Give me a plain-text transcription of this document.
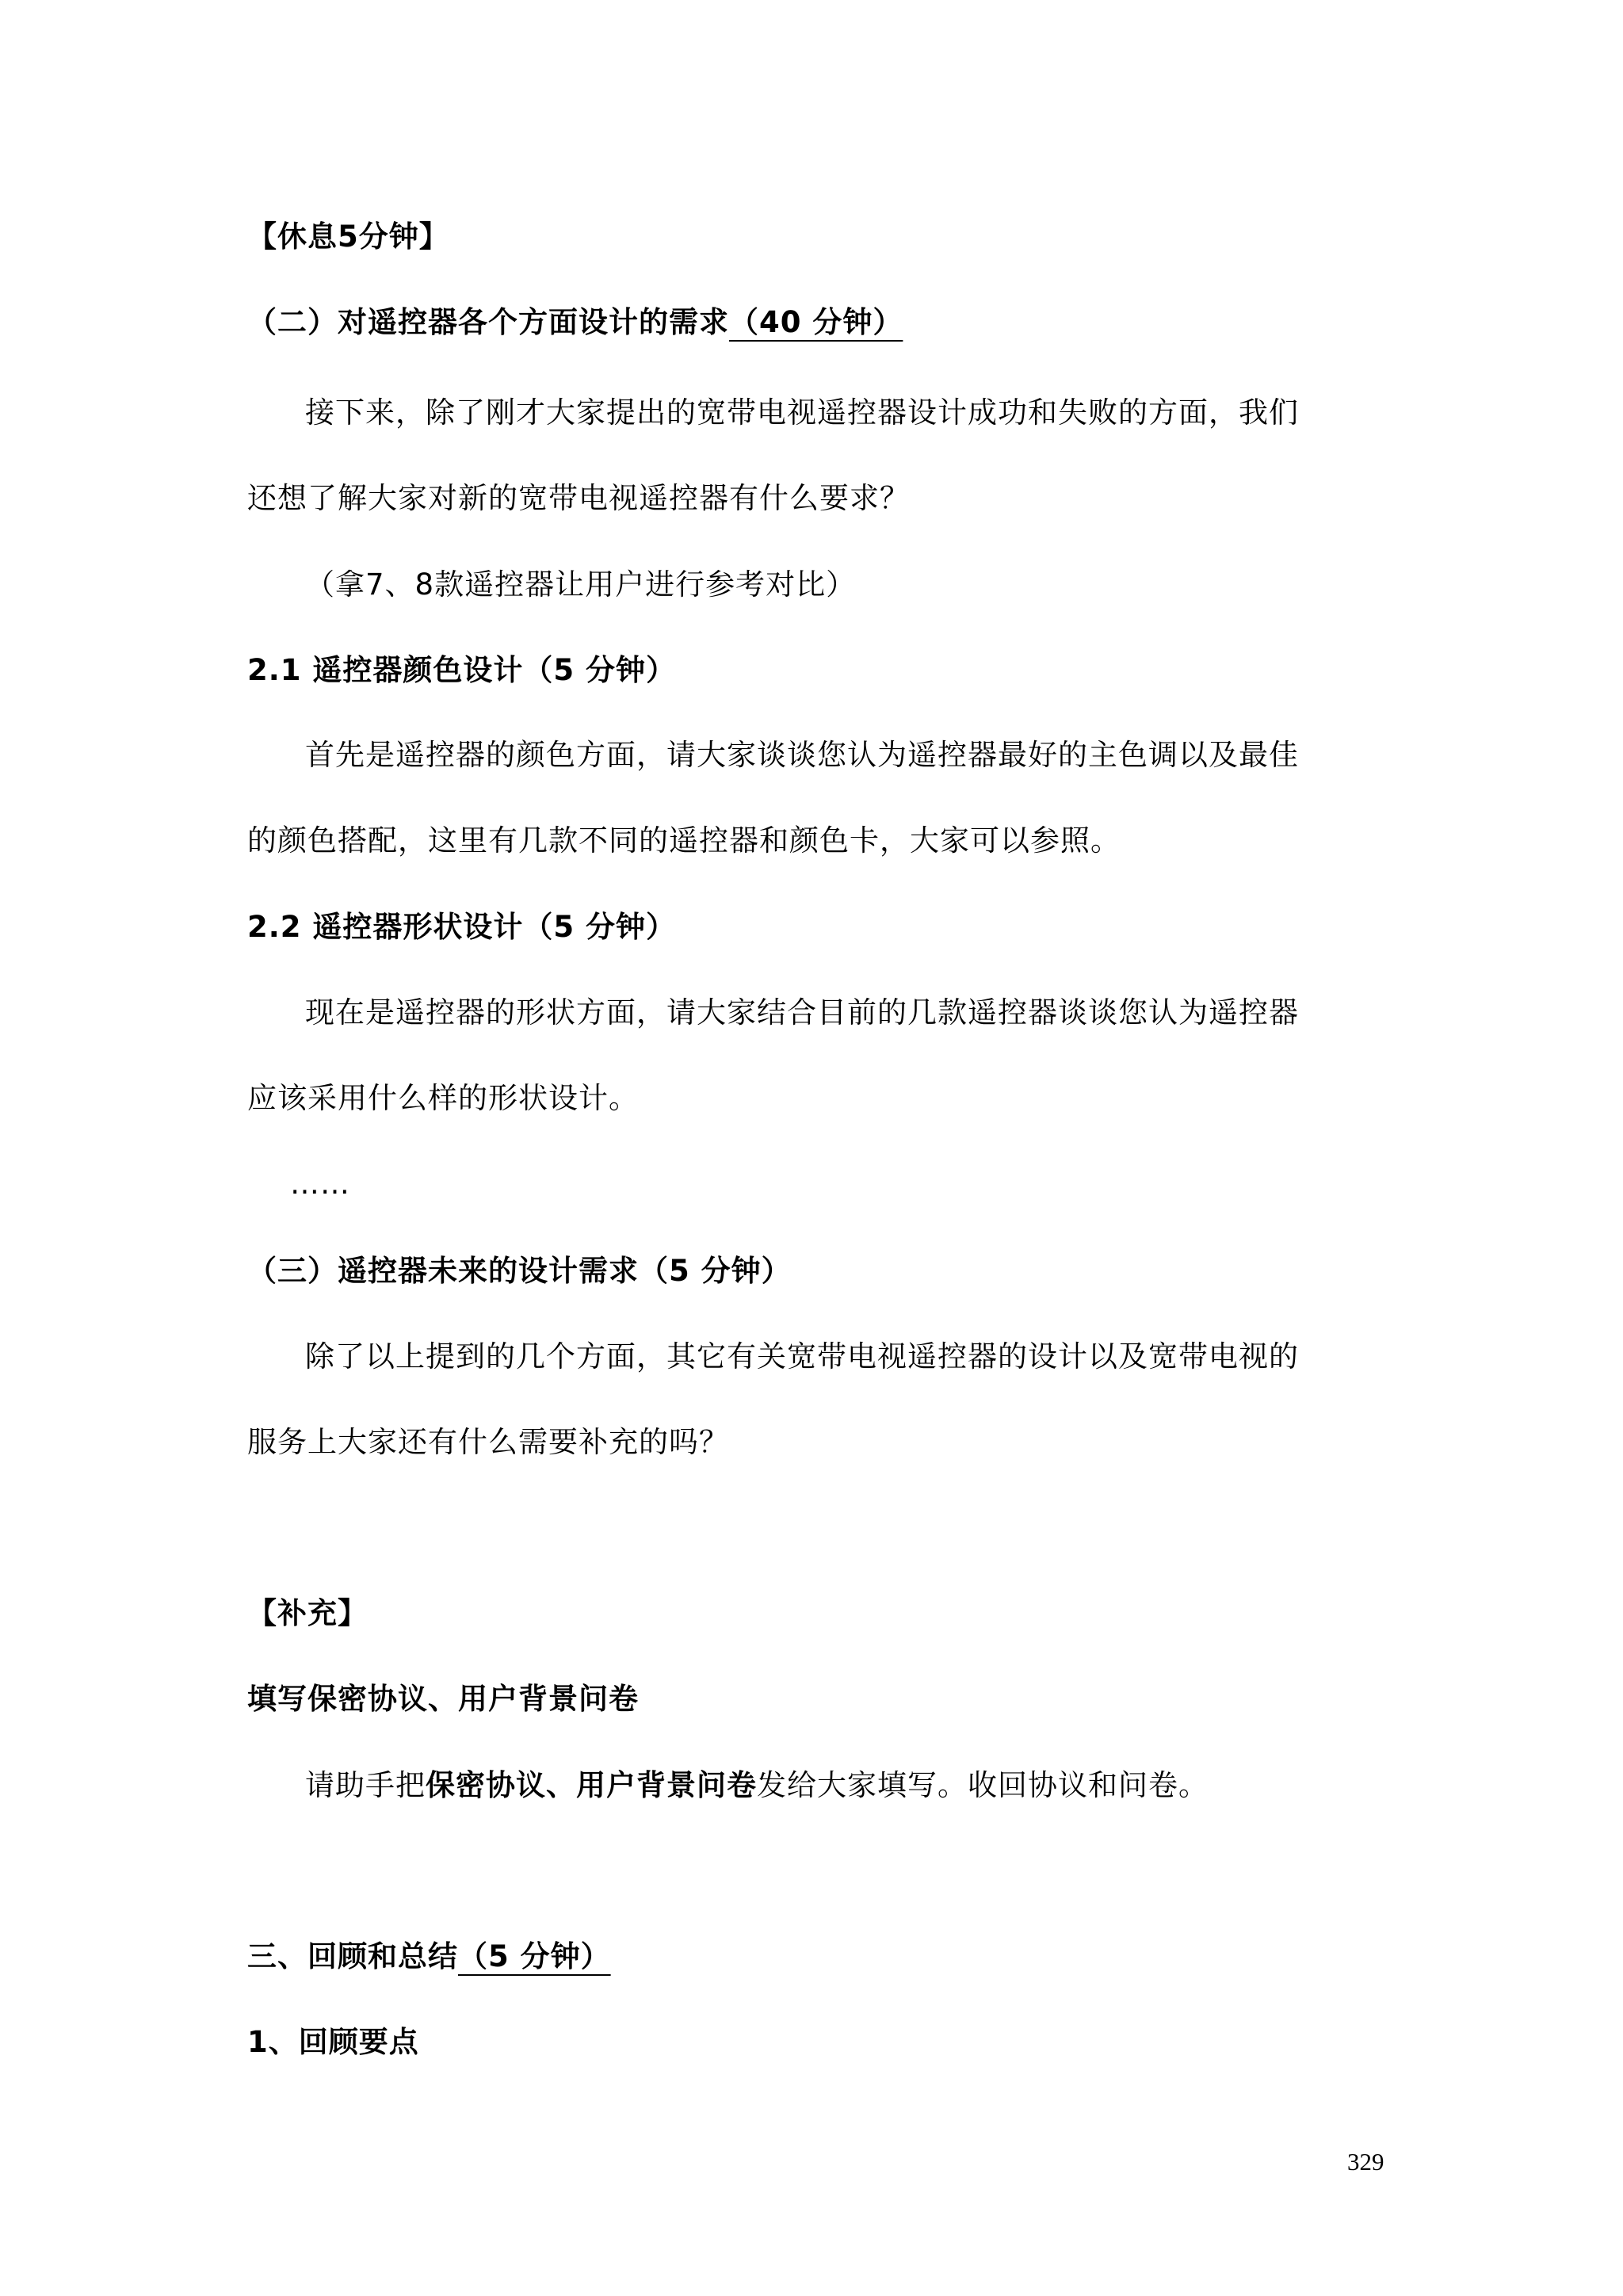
【休息5分钟】
（二）对遥控器各个方面设计的需求（40 分钟）
接下来，除了刚才大家提出的宽带电视遥控器设计成功和失败的方面，我们
还想了解大家对新的宽带电视遥控器有什么要求？
（拿7、8款遥控器让用户进行参考对比）
2.1 遥控器颜色设计（5 分钟）
首先是遥控器的颜色方面，请大家谈谈您认为遥控器最好的主色调以及最佳
的颜色搭配，这里有几款不同的遥控器和颜色卡，大家可以参照。
2.2 遥控器形状设计（5 分钟）
现在是遥控器的形状方面，请大家结合目前的几款遥控器谈谈您认为遥控器
应该采用什么样的形状设计。
……
（三）遥控器未来的设计需求（5 分钟）
除了以上提到的几个方面，其它有关宽带电视遥控器的设计以及宽带电视的
服务上大家还有什么需要补充的吗？
【补充】
填写保密协议、用户背景问卷
请助手把保密协议、用户背景问卷发给大家填写。收回协议和问卷。
三、回顾和总结（5 分钟）
1、回顾要点
329
